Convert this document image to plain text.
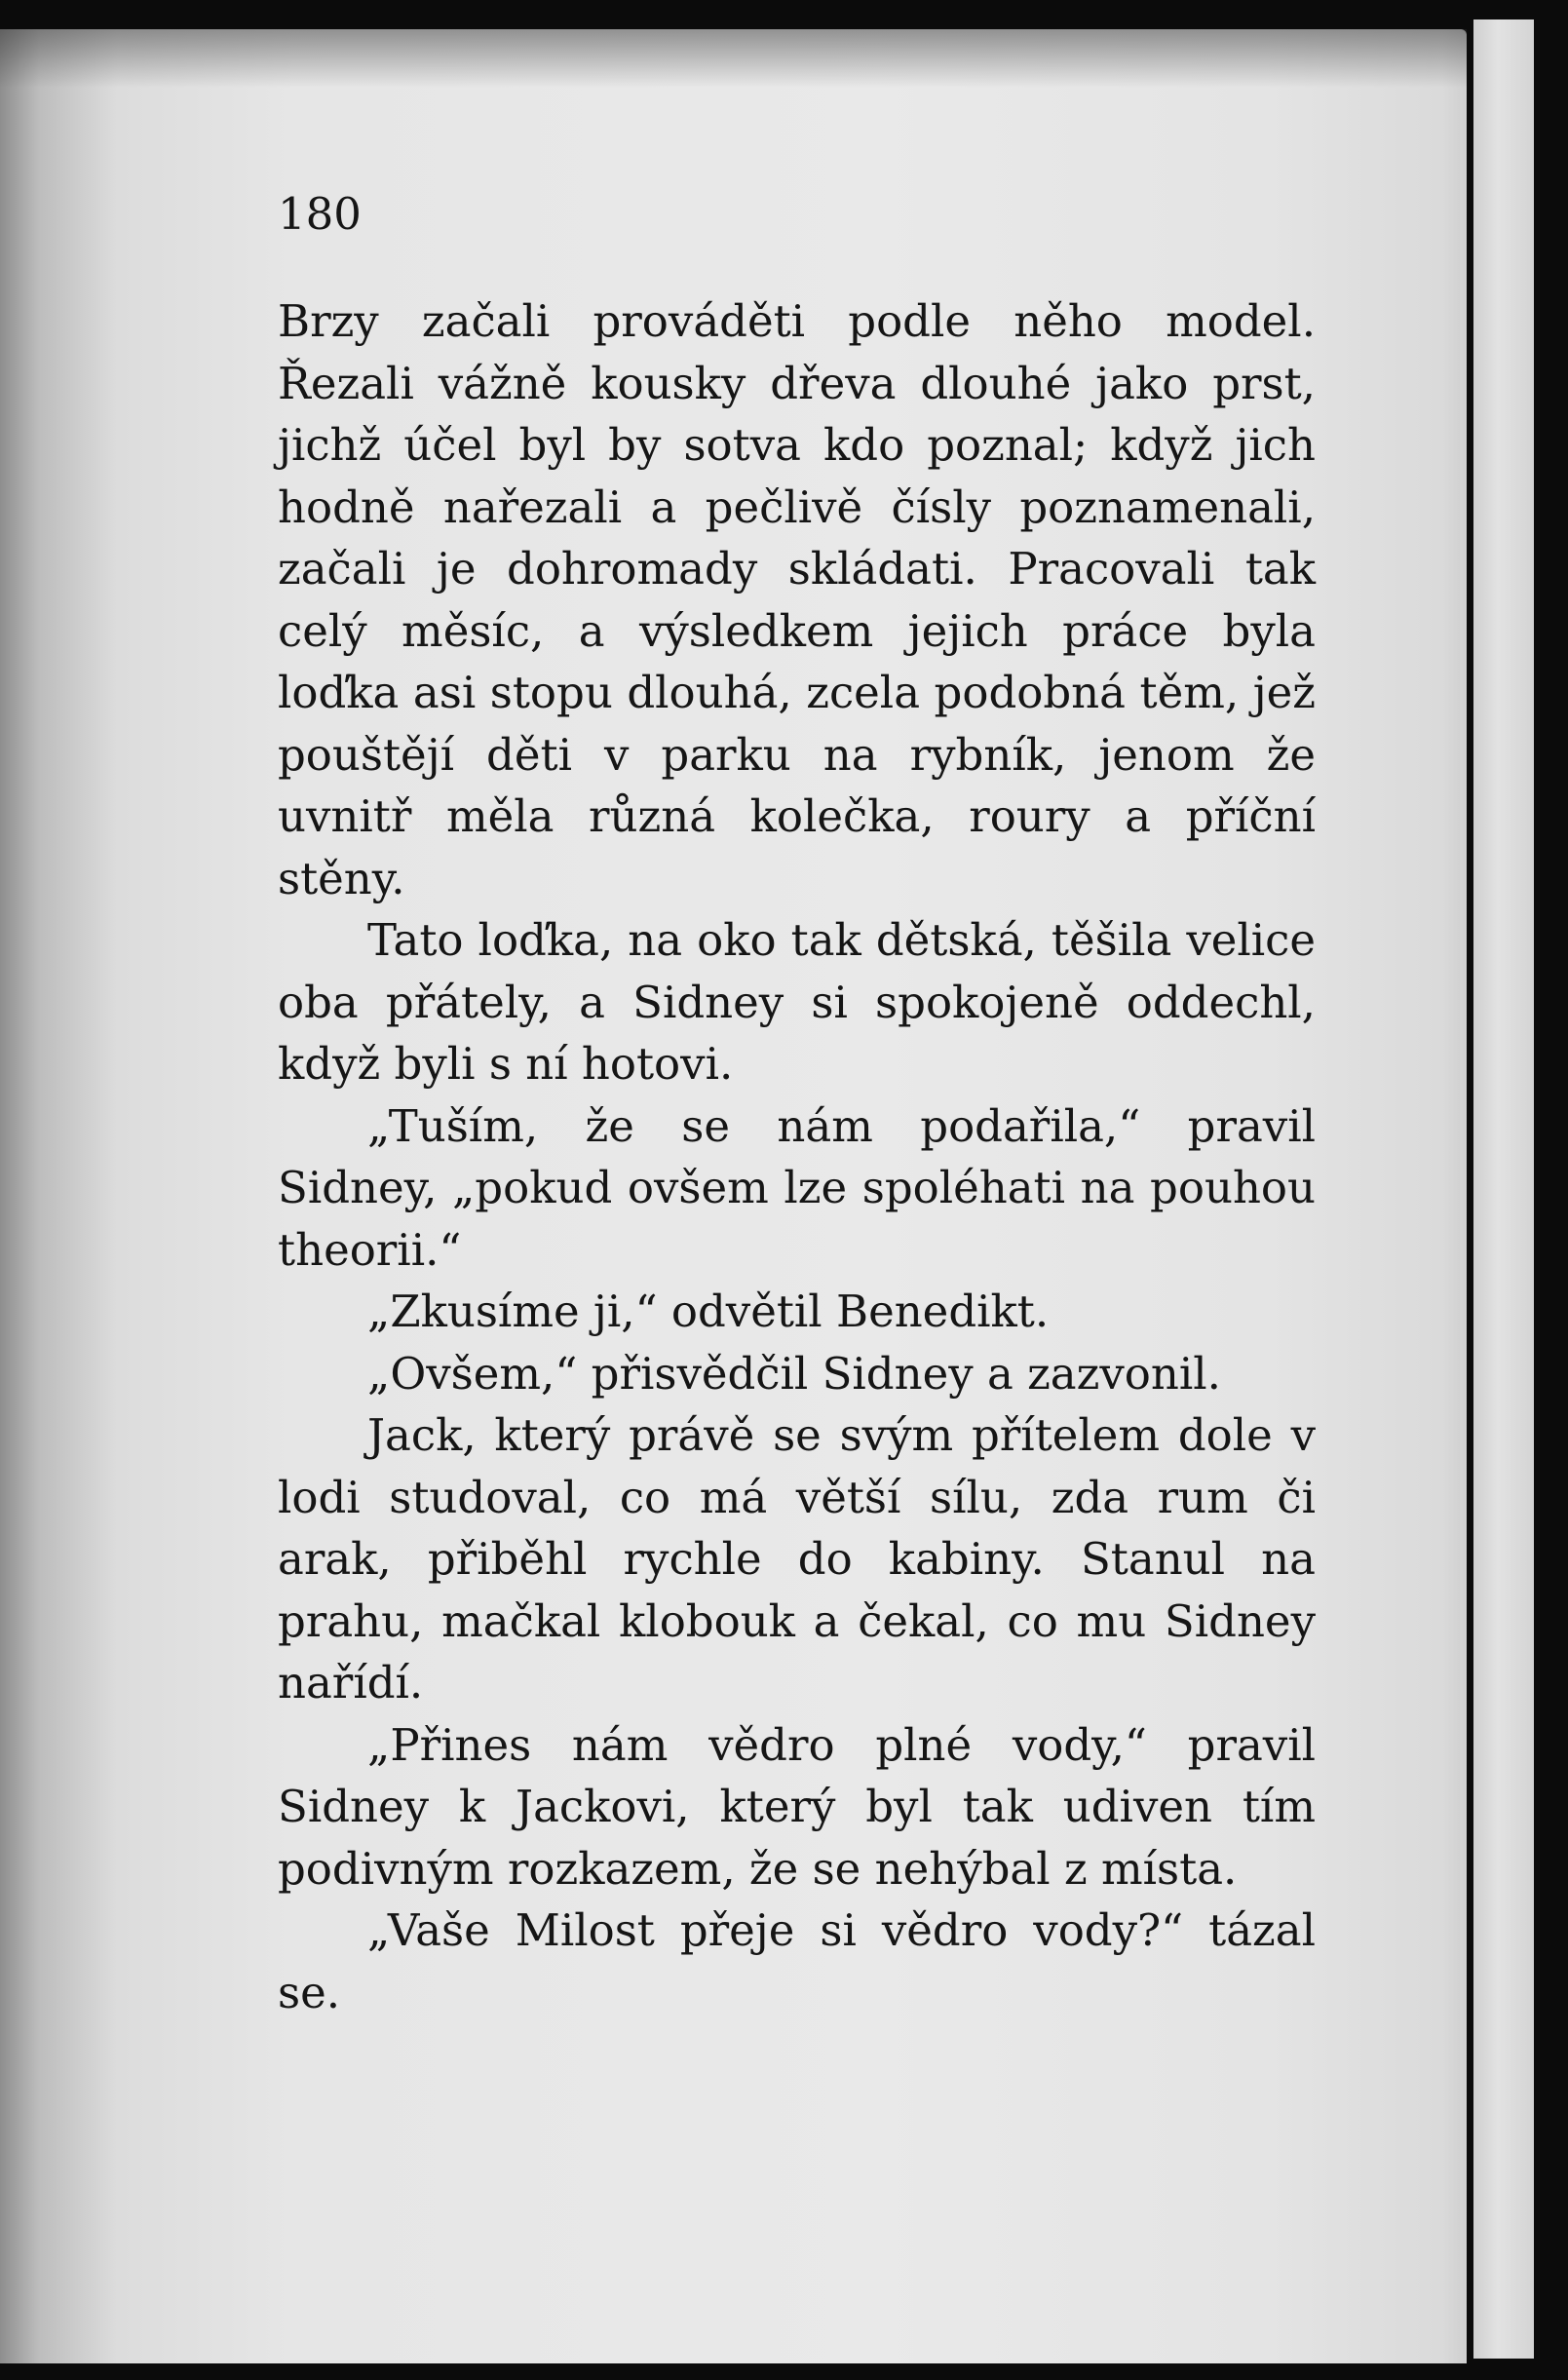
180

Brzy začali prováděti podle něho model. Řezali vážně kousky dřeva dlouhé jako prst, jichž účel byl by sotva kdo poznal; když jich hodně nařezali a pečlivě čísly poznamenali, začali je dohromady skládati. Pracovali tak celý měsíc, a výsledkem jejich práce byla loďka asi stopu dlouhá, zcela podobná těm, jež pouštějí děti v parku na rybník, jenom že uvnitř měla různá kolečka, roury a příční stěny.

Tato loďka, na oko tak dětská, těšila velice oba přátely, a Sidney si spokojeně oddechl, když byli s ní hotovi.

„Tuším, že se nám podařila,“ pravil Sidney, „pokud ovšem lze spoléhati na pouhou theorii.“

„Zkusíme ji,“ odvětil Benedikt.

„Ovšem,“ přisvědčil Sidney a zazvonil.

Jack, který právě se svým přítelem dole v lodi studoval, co má větší sílu, zda rum či arak, přiběhl rychle do kabiny. Stanul na prahu, mačkal klobouk a čekal, co mu Sidney nařídí.

„Přines nám vědro plné vody,“ pravil Sidney k Jackovi, který byl tak udiven tím podivným rozkazem, že se nehýbal z místa.

„Vaše Milost přeje si vědro vody?“ tázal se.
